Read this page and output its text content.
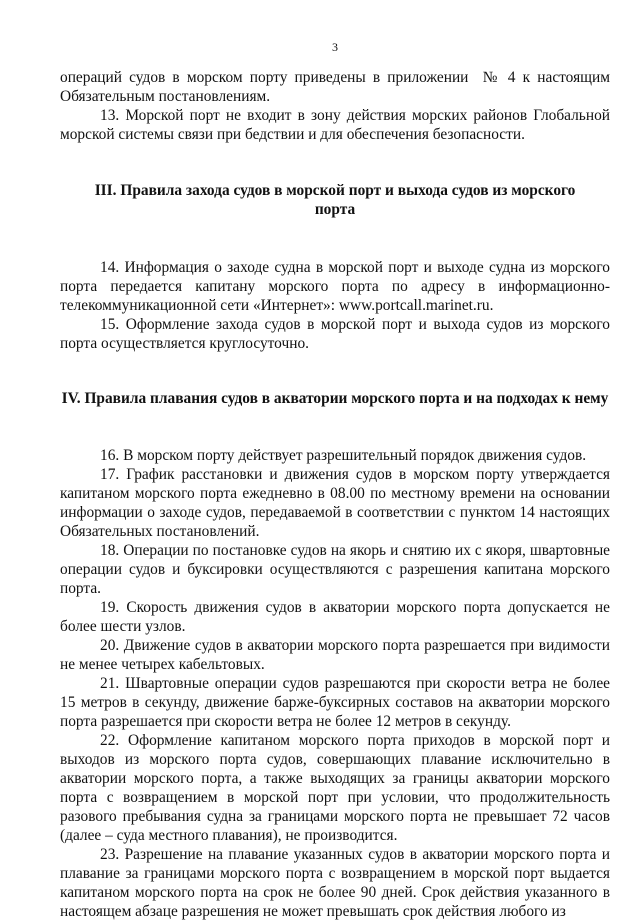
3

операций судов в морском порту приведены в приложении  № 4 к настоящим Обязательным постановлениям.

13. Морской порт не входит в зону действия морских районов Глобальной морской системы связи при бедствии и для обеспечения безопасности.

III. Правила захода судов в морской порт и выхода судов из морского порта

14. Информация о заходе судна в морской порт и выходе судна из морского порта передается капитану морского порта по адресу в информационно-телекоммуникационной сети «Интернет»: www.portcall.marinet.ru.

15. Оформление захода судов в морской порт и выхода судов из морского порта осуществляется круглосуточно.

IV. Правила плавания судов в акватории морского порта и на подходах к нему

16. В морском порту действует разрешительный порядок движения судов.

17. График расстановки и движения судов в морском порту утверждается капитаном морского порта ежедневно в 08.00 по местному времени на основании информации о заходе судов, передаваемой в соответствии с пунктом 14 настоящих Обязательных постановлений.

18. Операции по постановке судов на якорь и снятию их с якоря, швартовные операции судов и буксировки осуществляются с разрешения капитана морского порта.

19. Скорость движения судов в акватории морского порта допускается не более шести узлов.

20. Движение судов в акватории морского порта разрешается при видимости не менее четырех кабельтовых.

21. Швартовные операции судов разрешаются при скорости ветра не более 15 метров в секунду, движение барже-буксирных составов на акватории морского порта разрешается при скорости ветра не более 12 метров в секунду.

22. Оформление капитаном морского порта приходов в морской порт и выходов из морского порта судов, совершающих плавание исключительно в акватории морского порта, а также выходящих за границы акватории морского порта с возвращением в морской порт при условии, что продолжительность разового пребывания судна за границами морского порта не превышает 72 часов (далее – суда местного плавания), не производится.

23. Разрешение на плавание указанных судов в акватории морского порта и плавание за границами морского порта с возвращением в морской порт выдается капитаном морского порта на срок не более 90 дней. Срок действия указанного в настоящем абзаце разрешения не может превышать срок действия любого из
